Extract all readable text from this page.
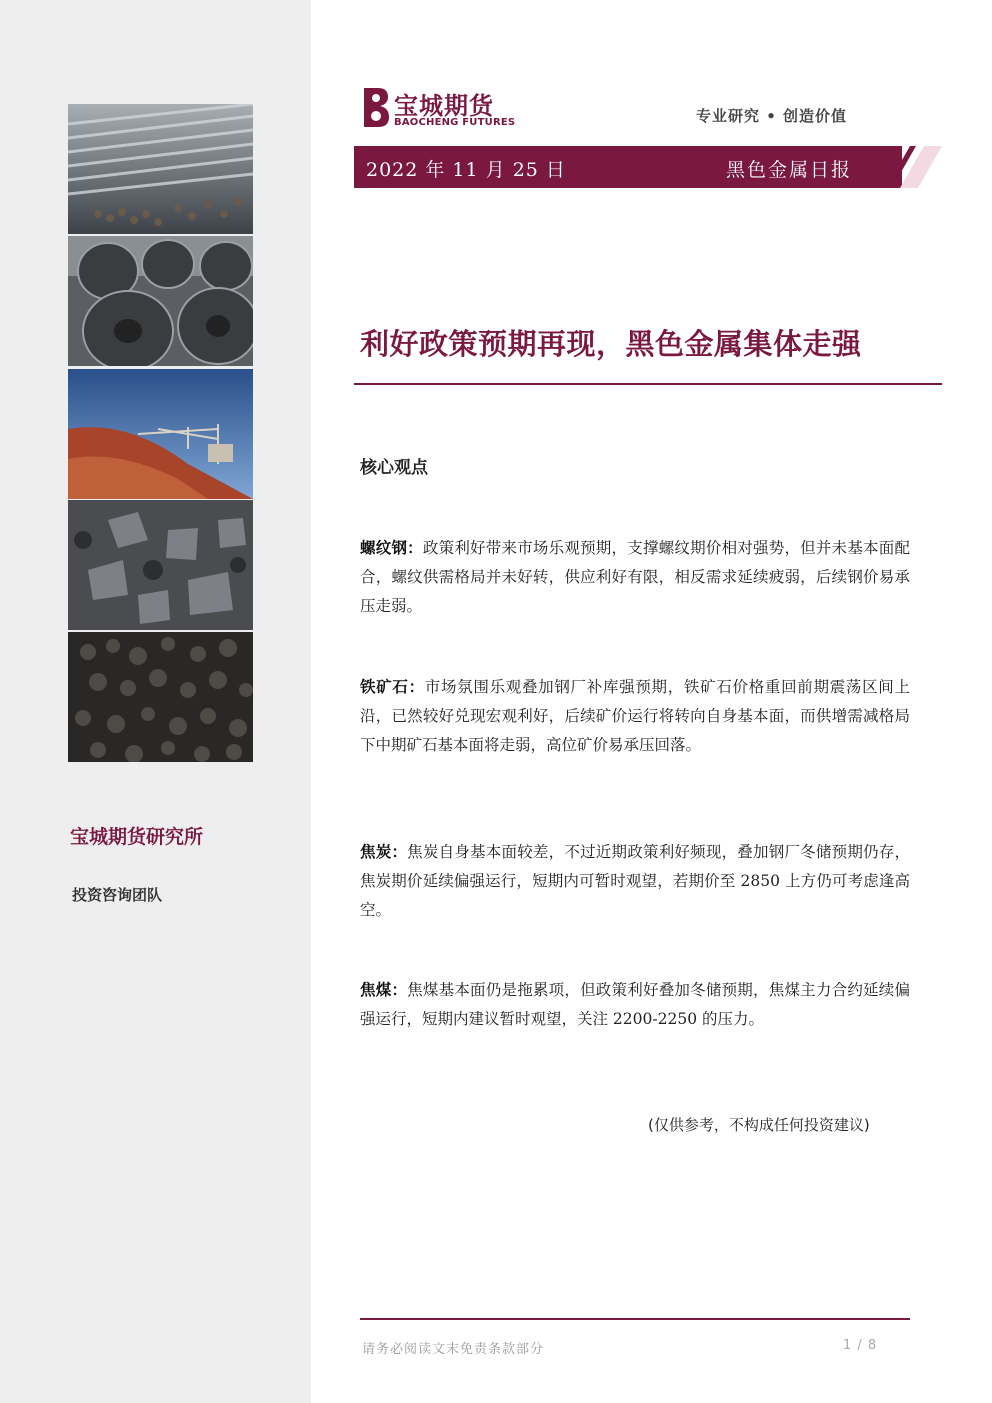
宝城期货研究所
投资咨询团队
宝城期货
BAOCHENG FUTURES	专业研究 • 创造价值
2022 年 11 月 25 日	黑色金属日报
利好政策预期再现，黑色金属集体走强
核心观点
螺纹钢：政策利好带来市场乐观预期，支撑螺纹期价相对强势，但并未基本面配合，螺纹供需格局并未好转，供应利好有限，相反需求延续疲弱，后续钢价易承压走弱。
铁矿石：市场氛围乐观叠加钢厂补库强预期，铁矿石价格重回前期震荡区间上沿，已然较好兑现宏观利好，后续矿价运行将转向自身基本面，而供增需减格局下中期矿石基本面将走弱，高位矿价易承压回落。
焦炭：焦炭自身基本面较差，不过近期政策利好频现，叠加钢厂冬储预期仍存，焦炭期价延续偏强运行，短期内可暂时观望，若期价至 2850 上方仍可考虑逢高空。
焦煤：焦煤基本面仍是拖累项，但政策利好叠加冬储预期，焦煤主力合约延续偏强运行，短期内建议暂时观望，关注 2200-2250 的压力。
(仅供参考，不构成任何投资建议)
请务必阅读文末免责条款部分	1 / 8
